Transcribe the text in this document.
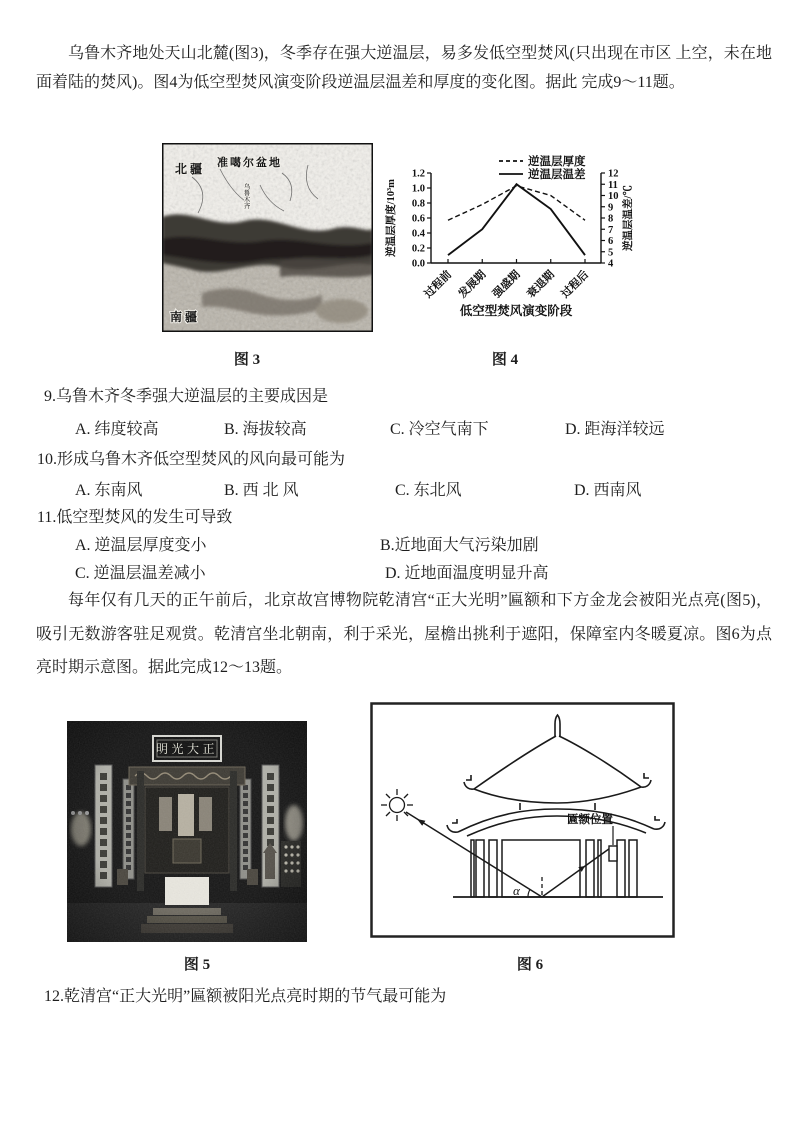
乌鲁木齐地处天山北麓(图3)，冬季存在强大逆温层，易多发低空型焚风(只出现在市区 上空，未在地面着陆的焚风)。图4为低空型焚风演变阶段逆温层温差和厚度的变化图。据此 完成9～11题。

北 疆 准噶尔盆地
乌鲁木齐
南 疆
0.0
0.2
0.4
0.6
0.8
1.0
1.2
4
5
6
7
8
9
10
11
12
逆温层厚度
逆温层温差
逆温层厚度/10³m	逆温层温差/℃
过程前 发展期 强盛期 衰退期 过程后
低空型焚风演变阶段
图 3	图 4
9.乌鲁木齐冬季强大逆温层的主要成因是
A. 纬度较高	B. 海拔较高	C. 冷空气南下	D. 距海洋较远
10.形成乌鲁木齐低空型焚风的风向最可能为
A. 东南风	B. 西 北 风	C. 东北风	D. 西南风
11.低空型焚风的发生可导致
A. 逆温层厚度变小	B.近地面大气污染加剧
C. 逆温层温差减小	D. 近地面温度明显升高

每年仅有几天的正午前后，北京故宫博物院乾清宫“正大光明”匾额和下方金龙会被阳光点亮(图5)，吸引无数游客驻足观赏。乾清宫坐北朝南，利于采光，屋檐出挑利于遮阳，保障室内冬暖夏凉。图6为点亮时期示意图。据此完成12～13题。

α
匾额位置
图 5	图 6
12.乾清宫“正大光明”匾额被阳光点亮时期的节气最可能为
